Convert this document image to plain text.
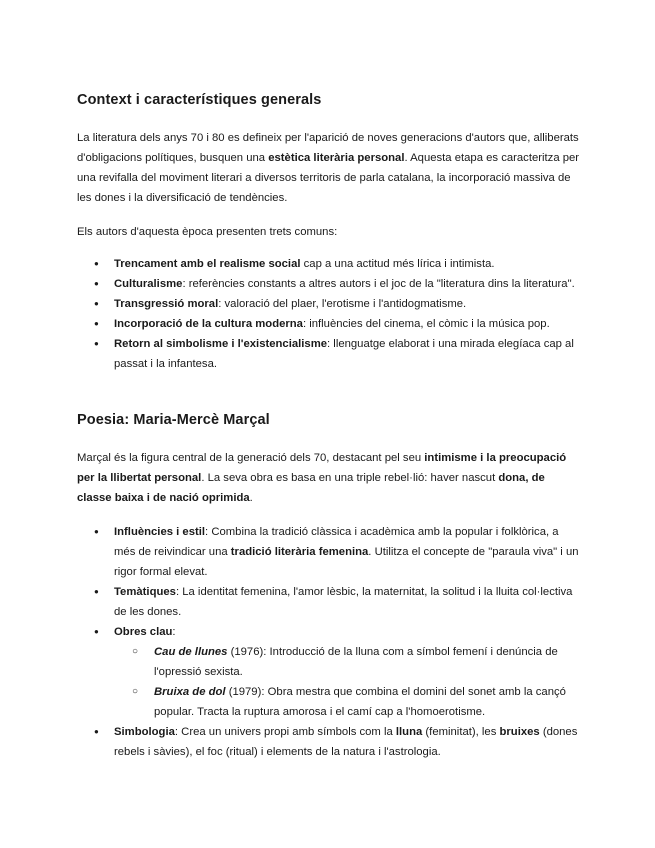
Context i característiques generals

La literatura dels anys 70 i 80 es defineix per l'aparició de noves generacions d'autors que, alliberats d'obligacions polítiques, busquen una estètica literària personal. Aquesta etapa es caracteritza per una revifalla del moviment literari a diversos territoris de parla catalana, la incorporació massiva de les dones i la diversificació de tendències.

Els autors d'aquesta època presenten trets comuns:

● Trencament amb el realisme social cap a una actitud més lírica i intimista.
● Culturalisme: referències constants a altres autors i el joc de la "literatura dins la literatura".
● Transgressió moral: valoració del plaer, l'erotisme i l'antidogmatisme.
● Incorporació de la cultura moderna: influències del cinema, el còmic i la música pop.
● Retorn al simbolisme i l'existencialisme: llenguatge elaborat i una mirada elegíaca cap al passat i la infantesa.
Poesia: Maria-Mercè Marçal

Marçal és la figura central de la generació dels 70, destacant pel seu intimisme i la preocupació per la llibertat personal. La seva obra es basa en una triple rebel·lió: haver nascut dona, de classe baixa i de nació oprimida.

● Influències i estil: Combina la tradició clàssica i acadèmica amb la popular i folklòrica, a més de reivindicar una tradició literària femenina. Utilitza el concepte de "paraula viva" i un rigor formal elevat.
● Temàtiques: La identitat femenina, l'amor lèsbic, la maternitat, la solitud i la lluita col·lectiva de les dones.
● Obres clau:
○ Cau de llunes (1976): Introducció de la lluna com a símbol femení i denúncia de l'opressió sexista.
○ Bruixa de dol (1979): Obra mestra que combina el domini del sonet amb la cançó popular. Tracta la ruptura amorosa i el camí cap a l'homoerotisme.
● Simbologia: Crea un univers propi amb símbols com la lluna (feminitat), les bruixes (dones rebels i sàvies), el foc (ritual) i elements de la natura i l'astrologia.
